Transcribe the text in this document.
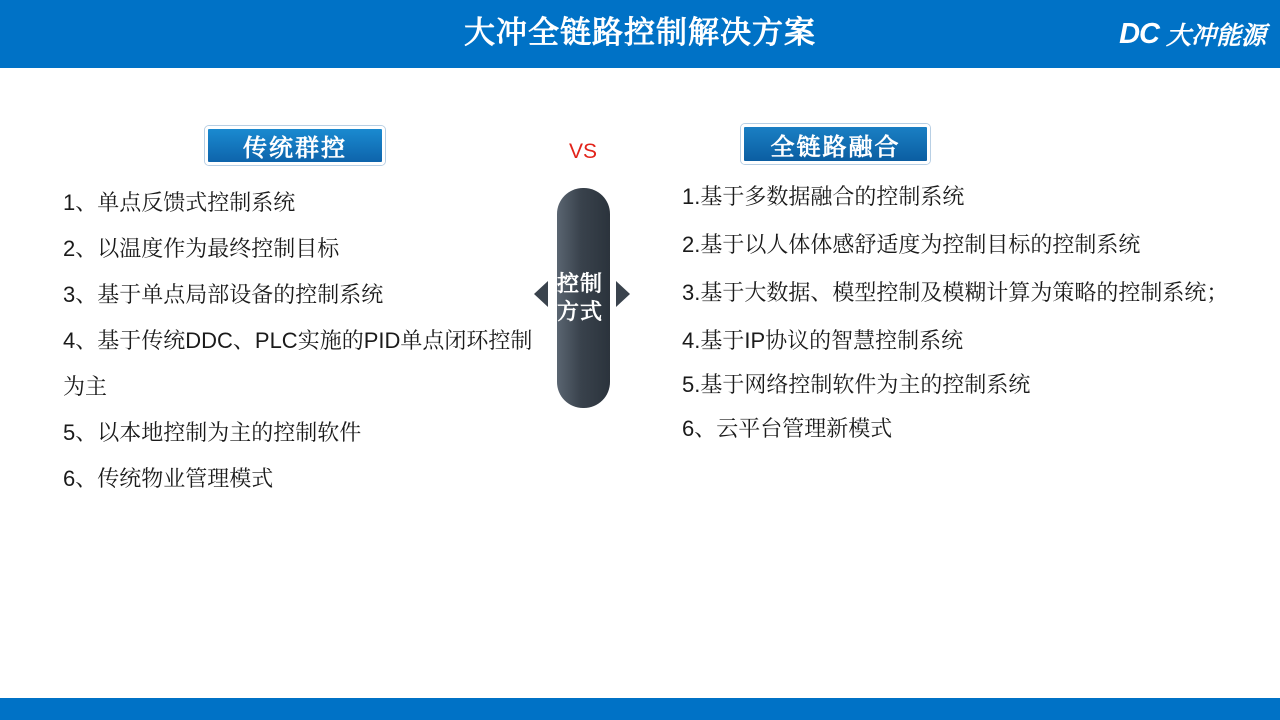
大冲全链路控制解决方案	DC 大冲能源
传统群控	VS	全链路融合
控制方式
1、单点反馈式控制系统
2、以温度作为最终控制目标
3、基于单点局部设备的控制系统
4、基于传统DDC、PLC实施的PID单点闭环控制为主
5、以本地控制为主的控制软件
6、传统物业管理模式
1.基于多数据融合的控制系统
2.基于以人体体感舒适度为控制目标的控制系统
3.基于大数据、模型控制及模糊计算为策略的控制系统；
4.基于IP协议的智慧控制系统
5.基于网络控制软件为主的控制系统
6、云平台管理新模式
